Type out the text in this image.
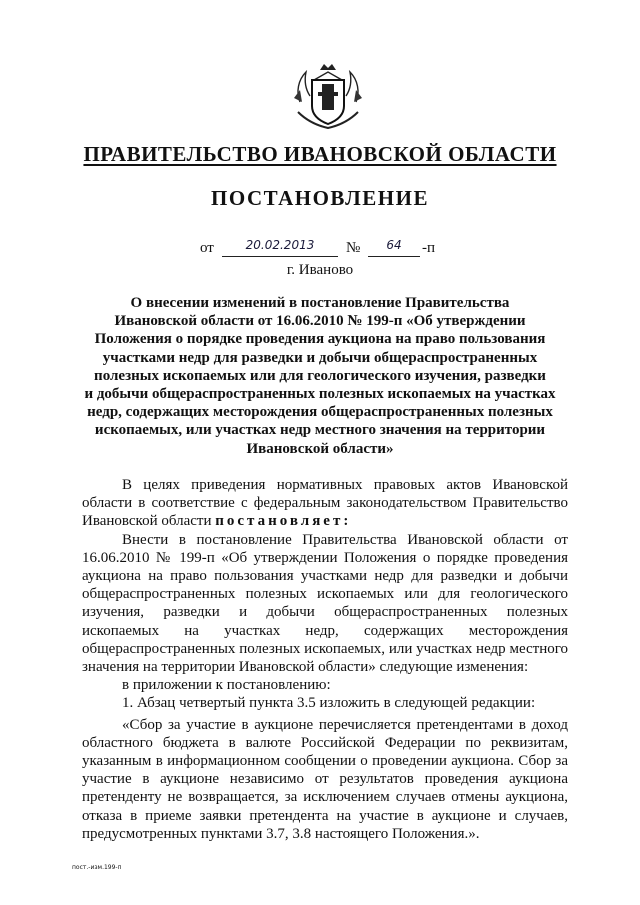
ПРАВИТЕЛЬСТВО ИВАНОВСКОЙ ОБЛАСТИ
ПОСТАНОВЛЕНИЕ
от	20.02.2013	№	64	-п
г. Иваново
О внесении изменений в постановление Правительства
Ивановской области от 16.06.2010 № 199-п «Об утверждении
Положения о порядке проведения аукциона на право пользования
участками недр для разведки и добычи общераспространенных
полезных ископаемых или для геологического изучения, разведки
и добычи общераспространенных полезных ископаемых на участках
недр, содержащих месторождения общераспространенных полезных
ископаемых, или участках недр местного значения на территории
Ивановской области»

В целях приведения нормативных правовых актов Ивановской области в соответствие с федеральным законодательством Правительство Ивановской области постановляет:

Внести в постановление Правительства Ивановской области от 16.06.2010 № 199-п «Об утверждении Положения о порядке проведения аукциона на право пользования участками недр для разведки и добычи общераспространенных полезных ископаемых или для геологического изучения, разведки и добычи общераспространенных полезных ископаемых на участках недр, содержащих месторождения общераспространенных полезных ископаемых, или участках недр местного значения на территории Ивановской области» следующие изменения:

в приложении к постановлению:

1. Абзац четвертый пункта 3.5 изложить в следующей редакции:

«Сбор за участие в аукционе перечисляется претендентами в доход областного бюджета в валюте Российской Федерации по реквизитам, указанным в информационном сообщении о проведении аукциона. Сбор за участие в аукционе независимо от результатов проведения аукциона претенденту не возвращается, за исключением случаев отмены аукциона, отказа в приеме заявки претендента на участие в аукционе и случаев, предусмотренных пунктами 3.7, 3.8 настоящего Положения.».

пост.-изм.199-п
